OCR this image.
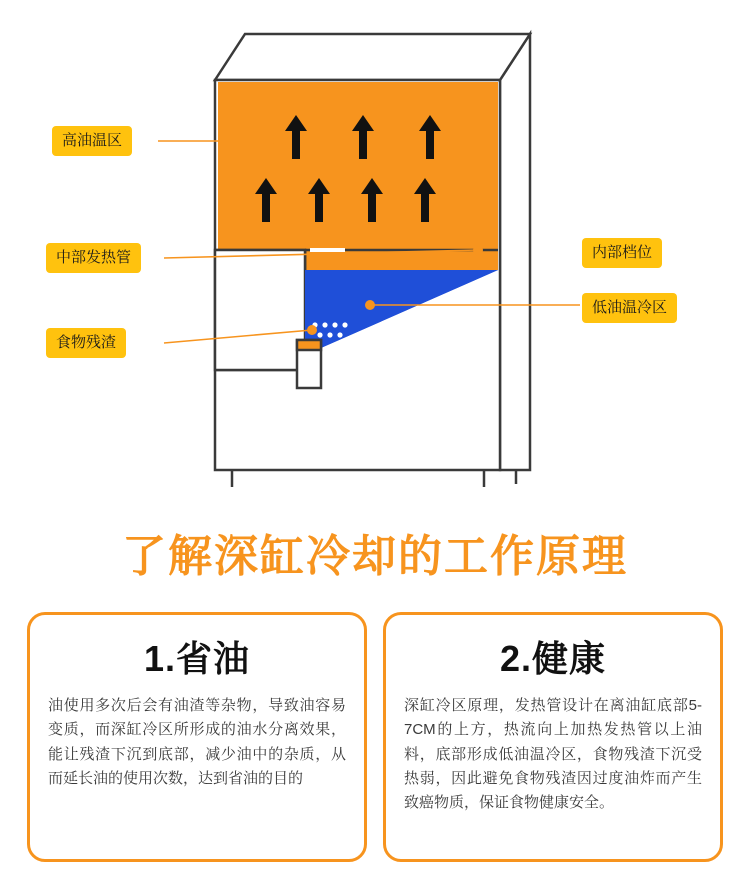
高油温区
中部发热管
食物残渣
内部档位
低油温冷区
了解深缸冷却的工作原理
1.省油
油使用多次后会有油渣等杂物，导致油容易变质，而深缸冷区所形成的油水分离效果，能让残渣下沉到底部，减少油中的杂质，从而延长油的使用次数，达到省油的目的
2.健康
深缸冷区原理，发热管设计在离油缸底部5-7CM的上方，热流向上加热发热管以上油料，底部形成低油温冷区，食物残渣下沉受热弱，因此避免食物残渣因过度油炸而产生致癌物质，保证食物健康安全。
